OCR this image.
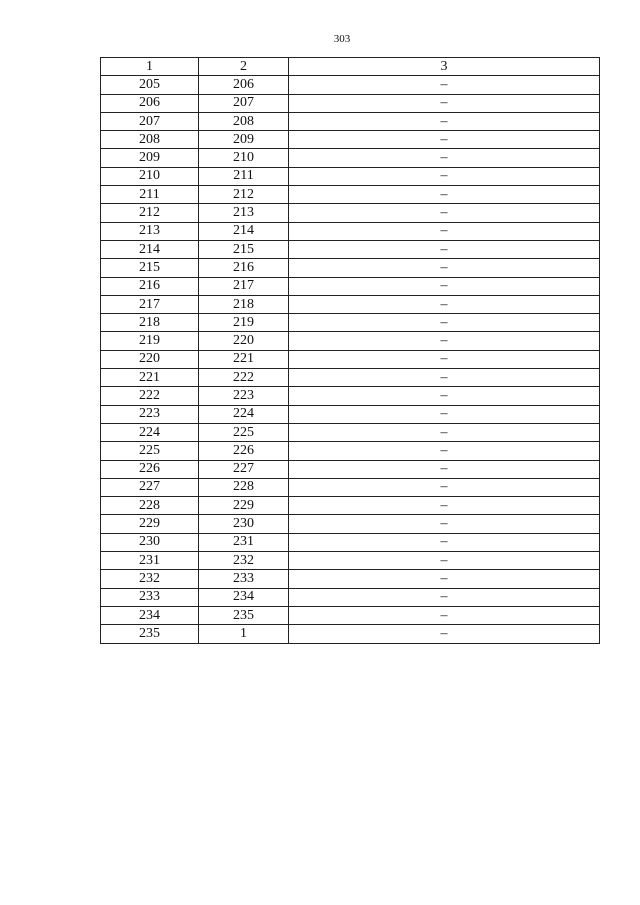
303
1	2	3
205	206	–
206	207	–
207	208	–
208	209	–
209	210	–
210	211	–
211	212	–
212	213	–
213	214	–
214	215	–
215	216	–
216	217	–
217	218	–
218	219	–
219	220	–
220	221	–
221	222	–
222	223	–
223	224	–
224	225	–
225	226	–
226	227	–
227	228	–
228	229	–
229	230	–
230	231	–
231	232	–
232	233	–
233	234	–
234	235	–
235	1	–
